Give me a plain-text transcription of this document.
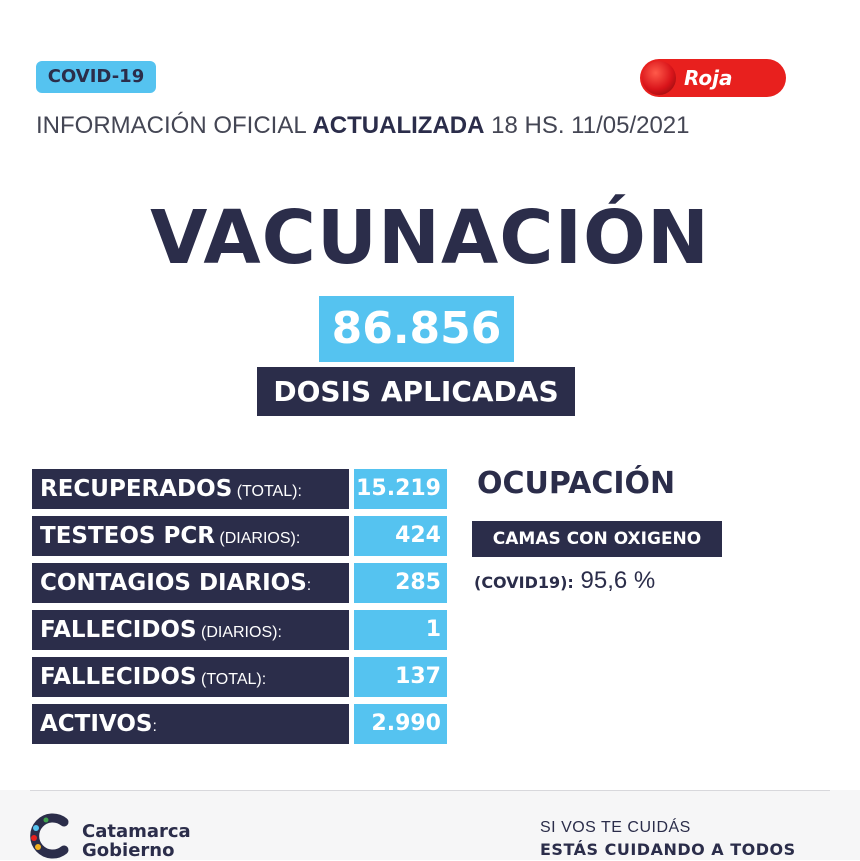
COVID-19	Roja
INFORMACIÓN OFICIAL ACTUALIZADA 18 HS. 11/05/2021
VACUNACIÓN
86.856
DOSIS APLICADAS
RECUPERADOS (TOTAL):	15.219
TESTEOS PCR (DIARIOS):	424
CONTAGIOS DIARIOS:	285
FALLECIDOS (DIARIOS):	1
FALLECIDOS (TOTAL):	137
ACTIVOS:	2.990
OCUPACIÓN
CAMAS CON OXIGENO
(COVID19): 95,6 %
Catamarca
Gobierno
SI VOS TE CUIDÁS
ESTÁS CUIDANDO A TODOS
